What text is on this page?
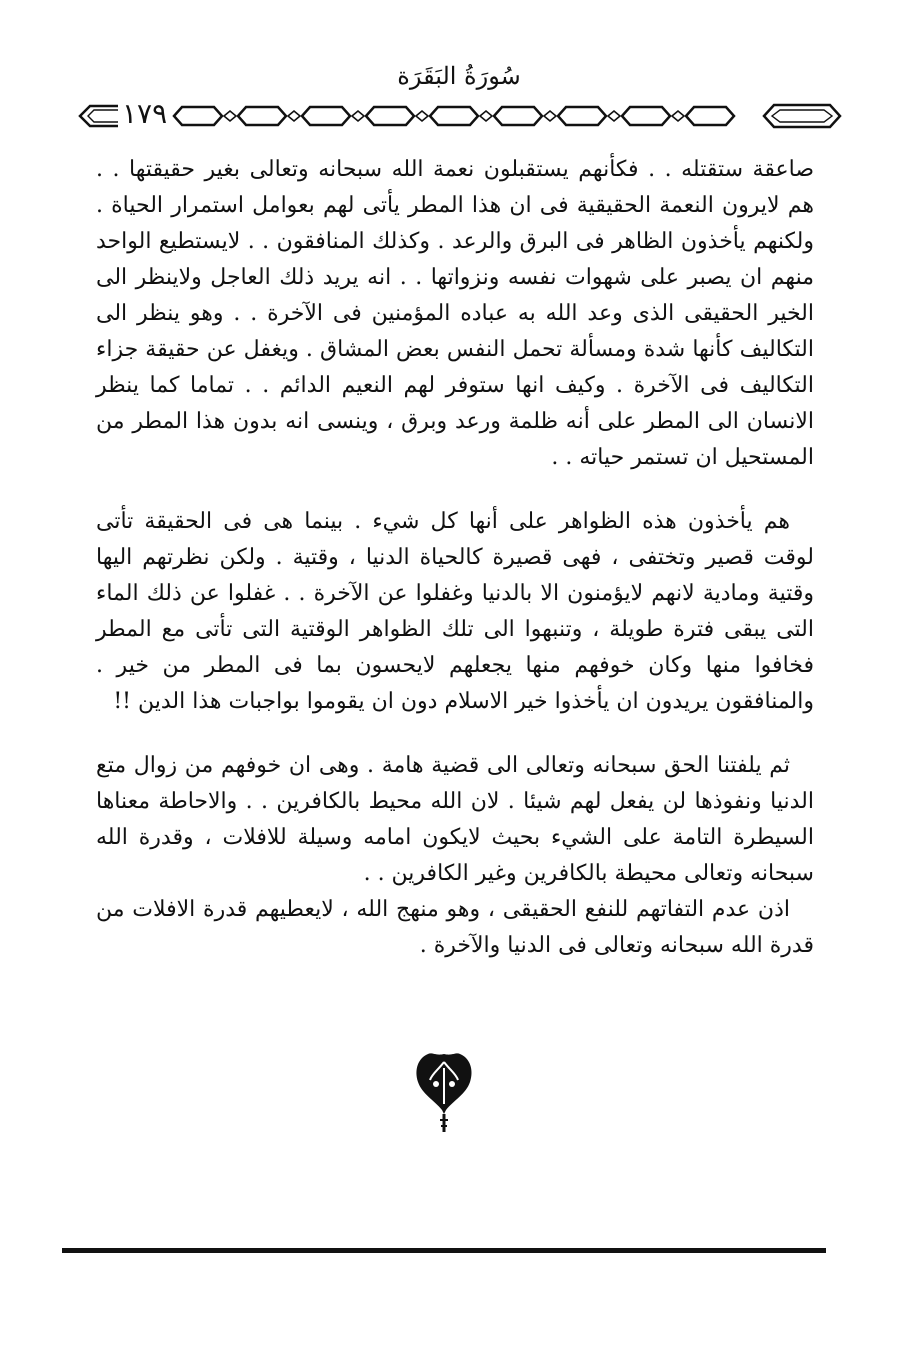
سُورَةُ البَقَرَة
١٧٩

صاعقة ستقتله . . فكأنهم يستقبلون نعمة الله سبحانه وتعالى بغير حقيقتها . . هم لايرون النعمة الحقيقية فى ان هذا المطر يأتى لهم بعوامل استمرار الحياة . ولكنهم يأخذون الظاهر فى البرق والرعد . وكذلك المنافقون . . لايستطيع الواحد منهم ان يصبر على شهوات نفسه ونزواتها . . انه يريد ذلك العاجل ولاينظر الى الخير الحقيقى الذى وعد الله به عباده المؤمنين فى الآخرة . . وهو ينظر الى التكاليف كأنها شدة ومسألة تحمل النفس بعض المشاق . ويغفل عن حقيقة جزاء التكاليف فى الآخرة . وكيف انها ستوفر لهم النعيم الدائم . . تماما كما ينظر الانسان الى المطر على أنه ظلمة ورعد وبرق ، وينسى انه بدون هذا المطر من المستحيل ان تستمر حياته . .

هم يأخذون هذه الظواهر على أنها كل شيء . بينما هى فى الحقيقة تأتى لوقت قصير وتختفى ، فهى قصيرة كالحياة الدنيا ، وقتية . ولكن نظرتهم اليها وقتية ومادية لانهم لايؤمنون الا بالدنيا وغفلوا عن الآخرة . . غفلوا عن ذلك الماء التى يبقى فترة طويلة ، وتنبهوا الى تلك الظواهر الوقتية التى تأتى مع المطر فخافوا منها وكان خوفهم منها يجعلهم لايحسون بما فى المطر من خير . والمنافقون يريدون ان يأخذوا خير الاسلام دون ان يقوموا بواجبات هذا الدين !!

ثم يلفتنا الحق سبحانه وتعالى الى قضية هامة . وهى ان خوفهم من زوال متع الدنيا ونفوذها لن يفعل لهم شيئا . لان الله محيط بالكافرين . . والاحاطة معناها السيطرة التامة على الشيء بحيث لايكون امامه وسيلة للافلات ، وقدرة الله سبحانه وتعالى محيطة بالكافرين وغير الكافرين . .

اذن عدم التفاتهم للنفع الحقيقى ، وهو منهج الله ، لايعطيهم قدرة الافلات من قدرة الله سبحانه وتعالى فى الدنيا والآخرة .
